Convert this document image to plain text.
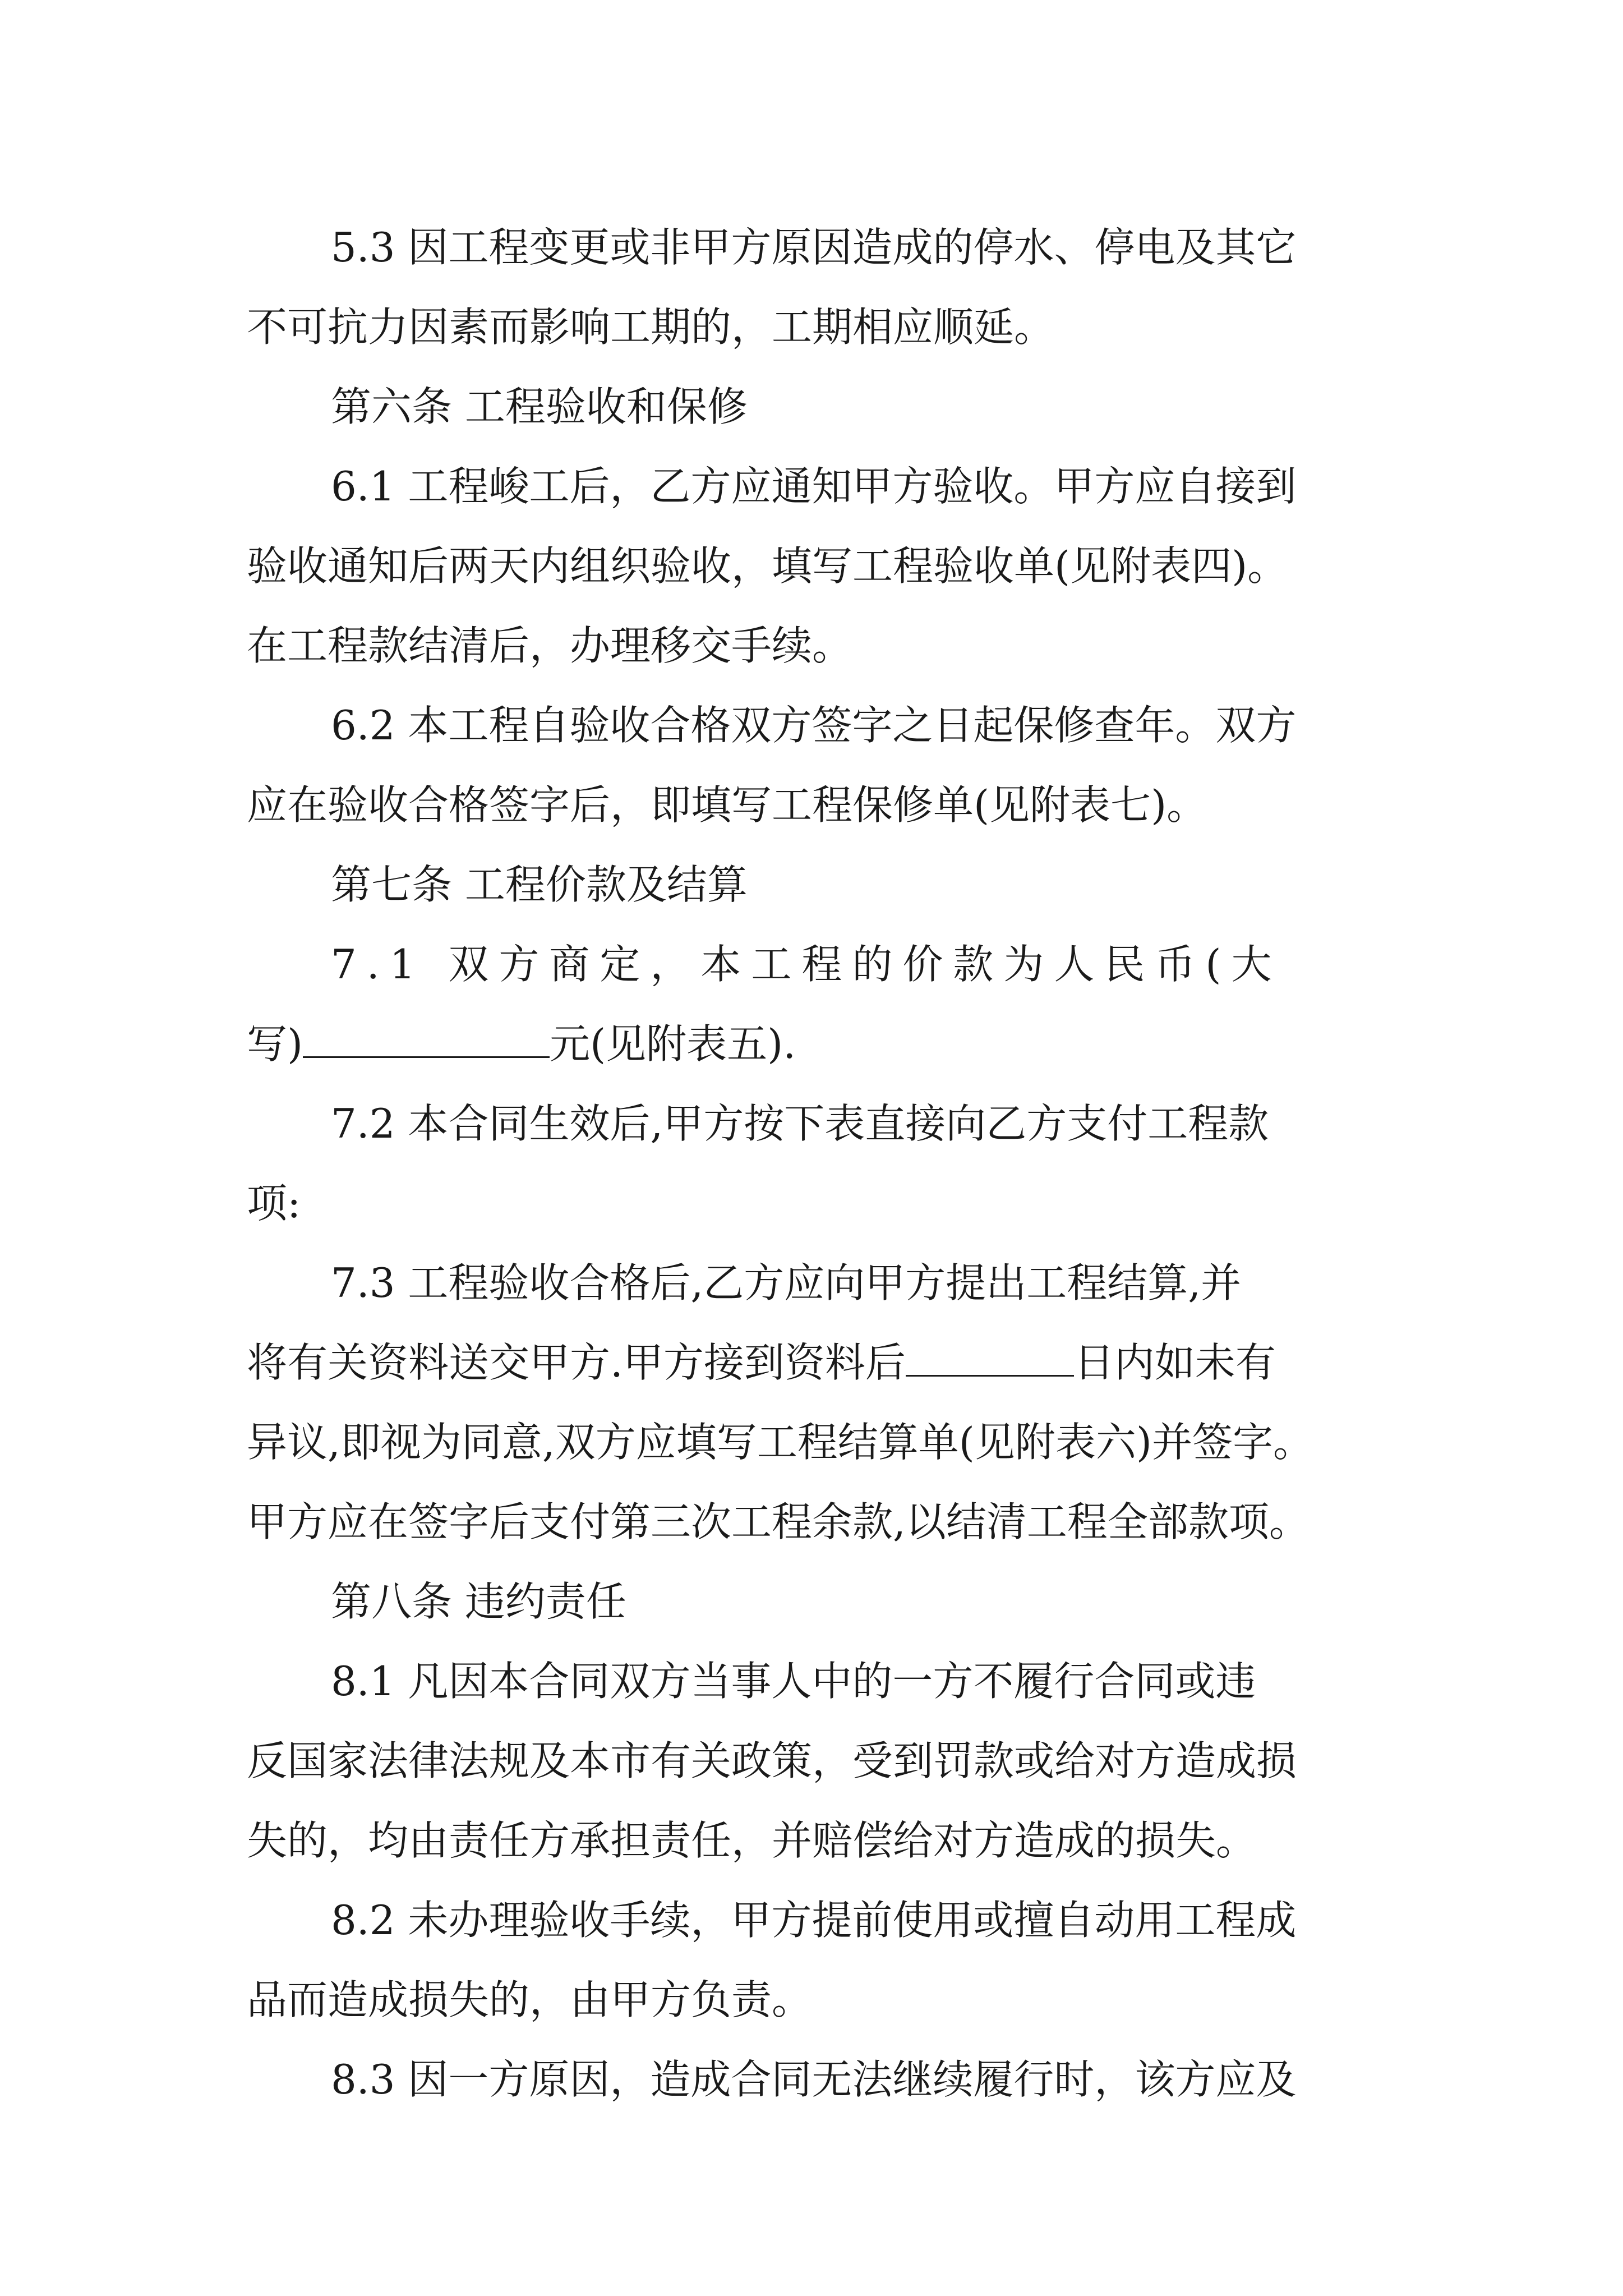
5.3 因工程变更或非甲方原因造成的停水、停电及其它
不可抗力因素而影响工期的，工期相应顺延。
第六条 工程验收和保修
6.1 工程峻工后，乙方应通知甲方验收。甲方应自接到
验收通知后两天内组织验收，填写工程验收单(见附表四)。
在工程款结清后，办理移交手续。
6.2 本工程自验收合格双方签字之日起保修查年。双方
应在验收合格签字后，即填写工程保修单(见附表七)。
第七条 工程价款及结算
7.1 双方商定，本工程的价款为人民币(大
写)	元(见附表五).
7.2 本合同生效后,甲方按下表直接向乙方支付工程款
项:
7.3 工程验收合格后,乙方应向甲方提出工程结算,并
将有关资料送交甲方.甲方接到资料后	日内如未有
异议,即视为同意,双方应填写工程结算单(见附表六)并签字。
甲方应在签字后支付第三次工程余款,以结清工程全部款项。
第八条 违约责任
8.1 凡因本合同双方当事人中的一方不履行合同或违
反国家法律法规及本市有关政策，受到罚款或给对方造成损
失的，均由责任方承担责任，并赔偿给对方造成的损失。
8.2 未办理验收手续，甲方提前使用或擅自动用工程成
品而造成损失的，由甲方负责。
8.3 因一方原因，造成合同无法继续履行时，该方应及
